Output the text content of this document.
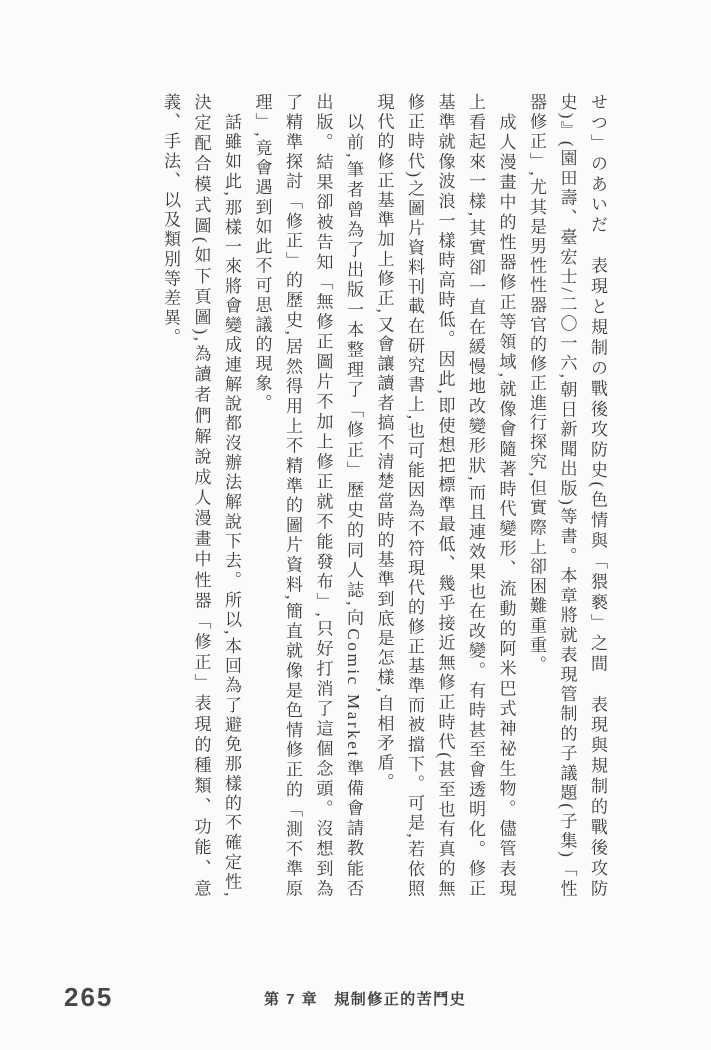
せつ」のあいだ　表現と規制の戰後攻防史(色情與「猥褻」之間　表現與規制的戰後攻防史)』(園田壽、臺宏士/二〇一六,朝日新聞出版)等書。本章將就表現管制的子議題(子集)「性器修正」,尤其是男性性器官的修正進行探究,但實際上卻困難重重。

成人漫畫中的性器修正等領域,就像會隨著時代變形、流動的阿米巴式神祕生物。儘管表現上看起來一樣,其實卻一直在緩慢地改變形狀,而且連效果也在改變。有時甚至會透明化。修正基準就像波浪一樣時高時低。因此,即使想把標準最低、幾乎接近無修正時代(甚至也有真的無修正時代)之圖片資料刊載在研究書上,也可能因為不符現代的修正基準而被擋下。可是,若依照現代的修正基準加上修正,又會讓讀者搞不清楚當時的基準到底是怎樣,自相矛盾。

以前,筆者曾為了出版一本整理了「修正」歷史的同人誌,向Comic Market準備會請教能否出版。結果卻被告知「無修正圖片不加上修正就不能發布」,只好打消了這個念頭。沒想到為了精準探討「修正」的歷史,居然得用上不精準的圖片資料,簡直就像是色情修正的「測不準原理」,竟會遇到如此不可思議的現象。

話雖如此,那樣一來將會變成連解說都沒辦法解說下去。所以,本回為了避免那樣的不確定性,決定配合模式圖(如下頁圖),為讀者們解說成人漫畫中性器「修正」表現的種類、功能、意義、手法、以及類別等差異。

265	第 7 章 規制修正的苦鬥史
